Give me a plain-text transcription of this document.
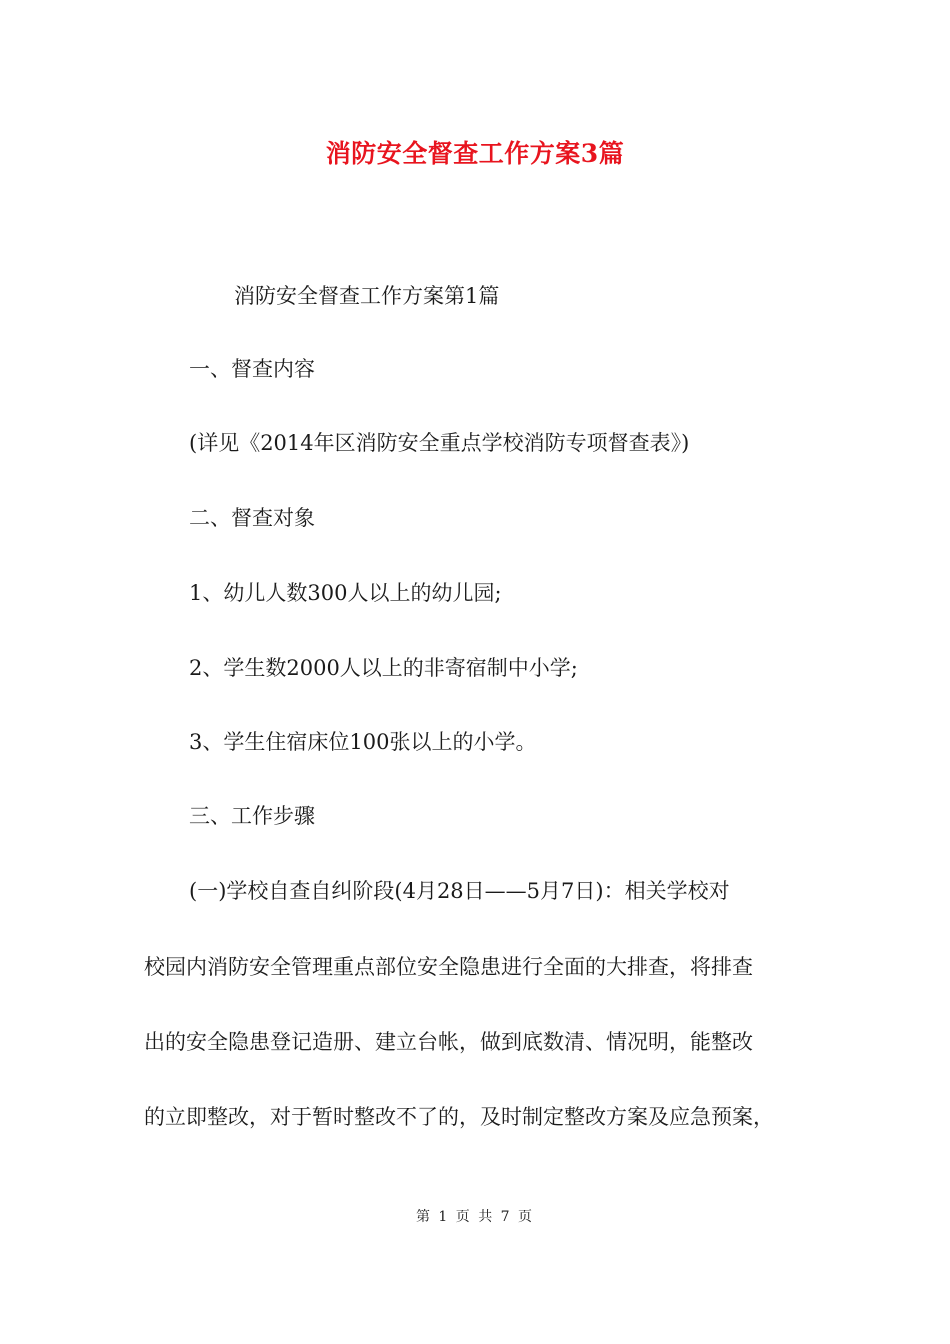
消防安全督查工作方案3篇
消防安全督查工作方案第1篇
一、督查内容
(详见《2014年区消防安全重点学校消防专项督查表》)
二、督查对象
1、幼儿人数300人以上的幼儿园;
2、学生数2000人以上的非寄宿制中小学;
3、学生住宿床位100张以上的小学。
三、工作步骤
(一)学校自查自纠阶段(4月28日——5月7日)：相关学校对
校园内消防安全管理重点部位安全隐患进行全面的大排查，将排查
出的安全隐患登记造册、建立台帐，做到底数清、情况明，能整改
的立即整改，对于暂时整改不了的，及时制定整改方案及应急预案，
第 1 页 共 7 页
